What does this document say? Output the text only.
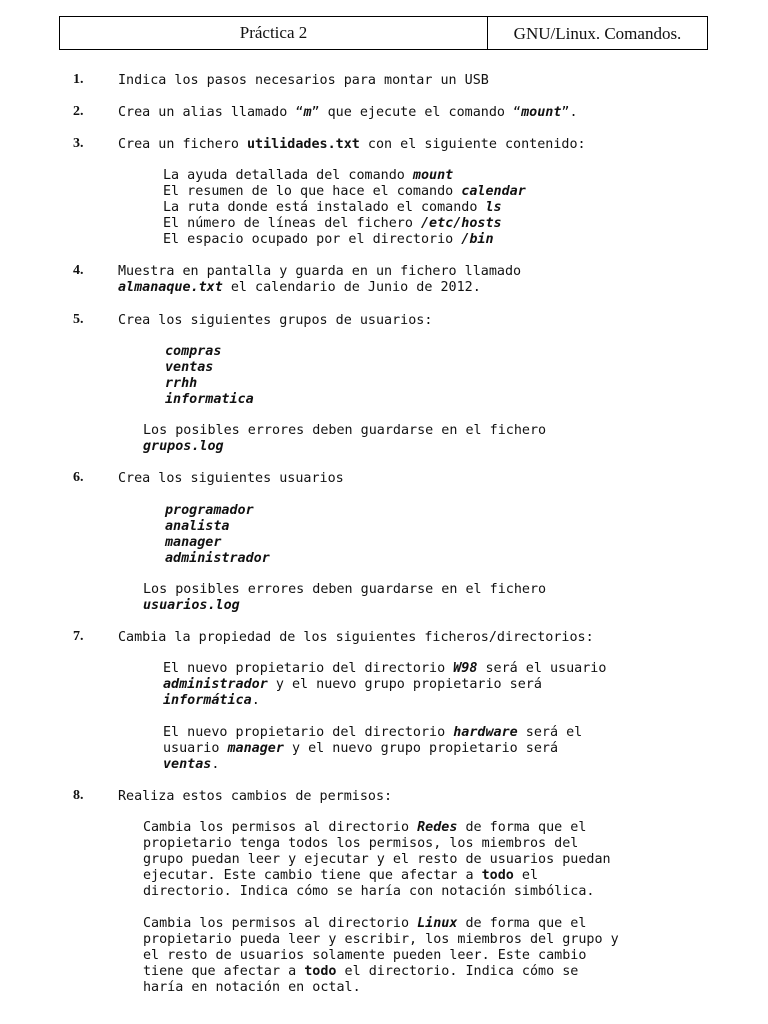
Práctica 2	GNU/Linux. Comandos.
1.	Indica los pasos necesarios para montar un USB
2.	Crea un alias llamado “m” que ejecute el comando “mount”.
3.	Crea un fichero utilidades.txt con el siguiente contenido:
La ayuda detallada del comando mount
El resumen de lo que hace el comando calendar
La ruta donde está instalado el comando ls
El número de líneas del fichero /etc/hosts
El espacio ocupado por el directorio /bin
4.	Muestra en pantalla y guarda en un fichero llamado
almanaque.txt el calendario de Junio de 2012.
5.	Crea los siguientes grupos de usuarios:
compras
ventas
rrhh
informatica
Los posibles errores deben guardarse en el fichero
grupos.log
6.	Crea los siguientes usuarios
programador
analista
manager
administrador
Los posibles errores deben guardarse en el fichero
usuarios.log
7.	Cambia la propiedad de los siguientes ficheros/directorios:
El nuevo propietario del directorio W98 será el usuario
administrador y el nuevo grupo propietario será
informática.
El nuevo propietario del directorio hardware será el
usuario manager y el nuevo grupo propietario será
ventas.
8.	Realiza estos cambios de permisos:
Cambia los permisos al directorio Redes de forma que el
propietario tenga todos los permisos, los miembros del
grupo puedan leer y ejecutar y el resto de usuarios puedan
ejecutar. Este cambio tiene que afectar a todo el
directorio. Indica cómo se haría con notación simbólica.
Cambia los permisos al directorio Linux de forma que el
propietario pueda leer y escribir, los miembros del grupo y
el resto de usuarios solamente pueden leer. Este cambio
tiene que afectar a todo el directorio. Indica cómo se
haría en notación en octal.
